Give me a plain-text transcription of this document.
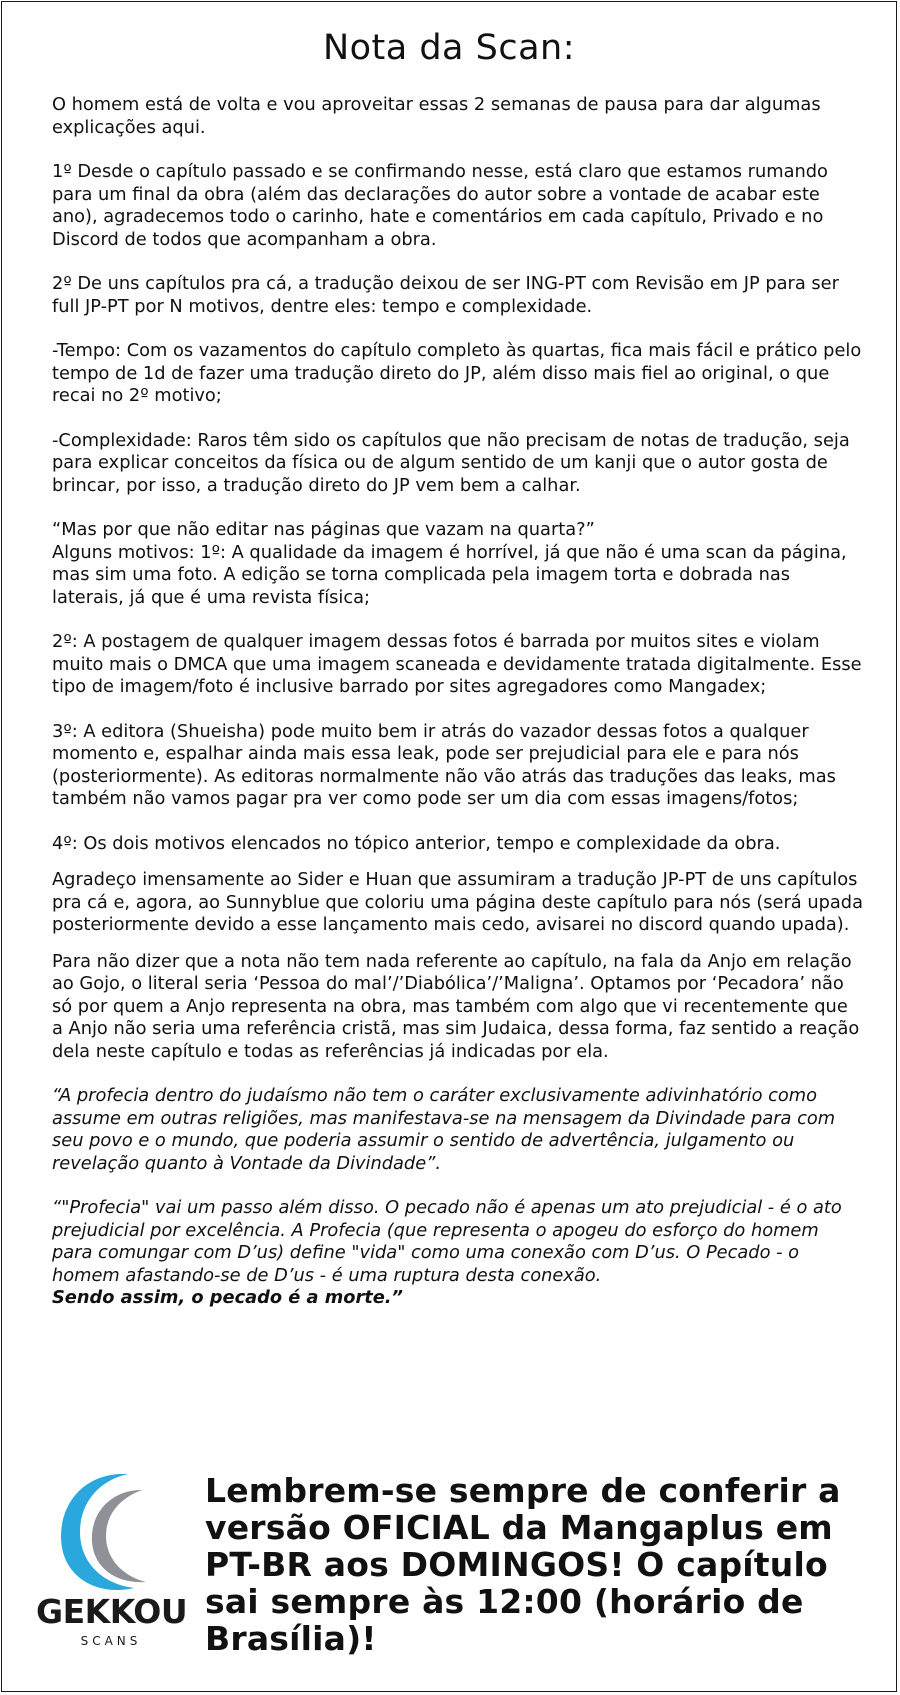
Nota da Scan:

O homem está de volta e vou aproveitar essas 2 semanas de pausa para dar algumas explicações aqui.

1º Desde o capítulo passado e se confirmando nesse, está claro que estamos rumando para um final da obra (além das declarações do autor sobre a vontade de acabar este ano), agradecemos todo o carinho, hate e comentários em cada capítulo, Privado e no Discord de todos que acompanham a obra.

2º De uns capítulos pra cá, a tradução deixou de ser ING-PT com Revisão em JP para ser full JP-PT por N motivos, dentre eles: tempo e complexidade.

-Tempo: Com os vazamentos do capítulo completo às quartas, fica mais fácil e prático pelo tempo de 1d de fazer uma tradução direto do JP, além disso mais fiel ao original, o que recai no 2º motivo;

-Complexidade: Raros têm sido os capítulos que não precisam de notas de tradução, seja para explicar conceitos da física ou de algum sentido de um kanji que o autor gosta de brincar, por isso, a tradução direto do JP vem bem a calhar.

“Mas por que não editar nas páginas que vazam na quarta?”
Alguns motivos: 1º: A qualidade da imagem é horrível, já que não é uma scan da página, mas sim uma foto. A edição se torna complicada pela imagem torta e dobrada nas laterais, já que é uma revista física;

2º: A postagem de qualquer imagem dessas fotos é barrada por muitos sites e violam muito mais o DMCA que uma imagem scaneada e devidamente tratada digitalmente. Esse tipo de imagem/foto é inclusive barrado por sites agregadores como Mangadex;

3º: A editora (Shueisha) pode muito bem ir atrás do vazador dessas fotos a qualquer momento e, espalhar ainda mais essa leak, pode ser prejudicial para ele e para nós (posteriormente). As editoras normalmente não vão atrás das traduções das leaks, mas também não vamos pagar pra ver como pode ser um dia com essas imagens/fotos;

4º: Os dois motivos elencados no tópico anterior, tempo e complexidade da obra.

Agradeço imensamente ao Sider e Huan que assumiram a tradução JP-PT de uns capítulos pra cá e, agora, ao Sunnyblue que coloriu uma página deste capítulo para nós (será upada posteriormente devido a esse lançamento mais cedo, avisarei no discord quando upada).

Para não dizer que a nota não tem nada referente ao capítulo, na fala da Anjo em relação ao Gojo, o literal seria ‘Pessoa do mal’/’Diabólica’/’Maligna’. Optamos por ‘Pecadora’ não só por quem a Anjo representa na obra, mas também com algo que vi recentemente que a Anjo não seria uma referência cristã, mas sim Judaica, dessa forma, faz sentido a reação dela neste capítulo e todas as referências já indicadas por ela.

“A profecia dentro do judaísmo não tem o caráter exclusivamente adivinhatório como assume em outras religiões, mas manifestava-se na mensagem da Divindade para com seu povo e o mundo, que poderia assumir o sentido de advertência, julgamento ou revelação quanto à Vontade da Divindade”.

“"Profecia" vai um passo além disso. O pecado não é apenas um ato prejudicial - é o ato prejudicial por excelência. A Profecia (que representa o apogeu do esforço do homem para comungar com D’us) define "vida" como uma conexão com D’us. O Pecado - o homem afastando-se de D’us - é uma ruptura desta conexão.
Sendo assim, o pecado é a morte.”

GEKKOU
SCANS
Lembrem-se sempre de conferir a versão OFICIAL da Mangaplus em PT-BR aos DOMINGOS! O capítulo sai sempre às 12:00 (horário de Brasília)!
